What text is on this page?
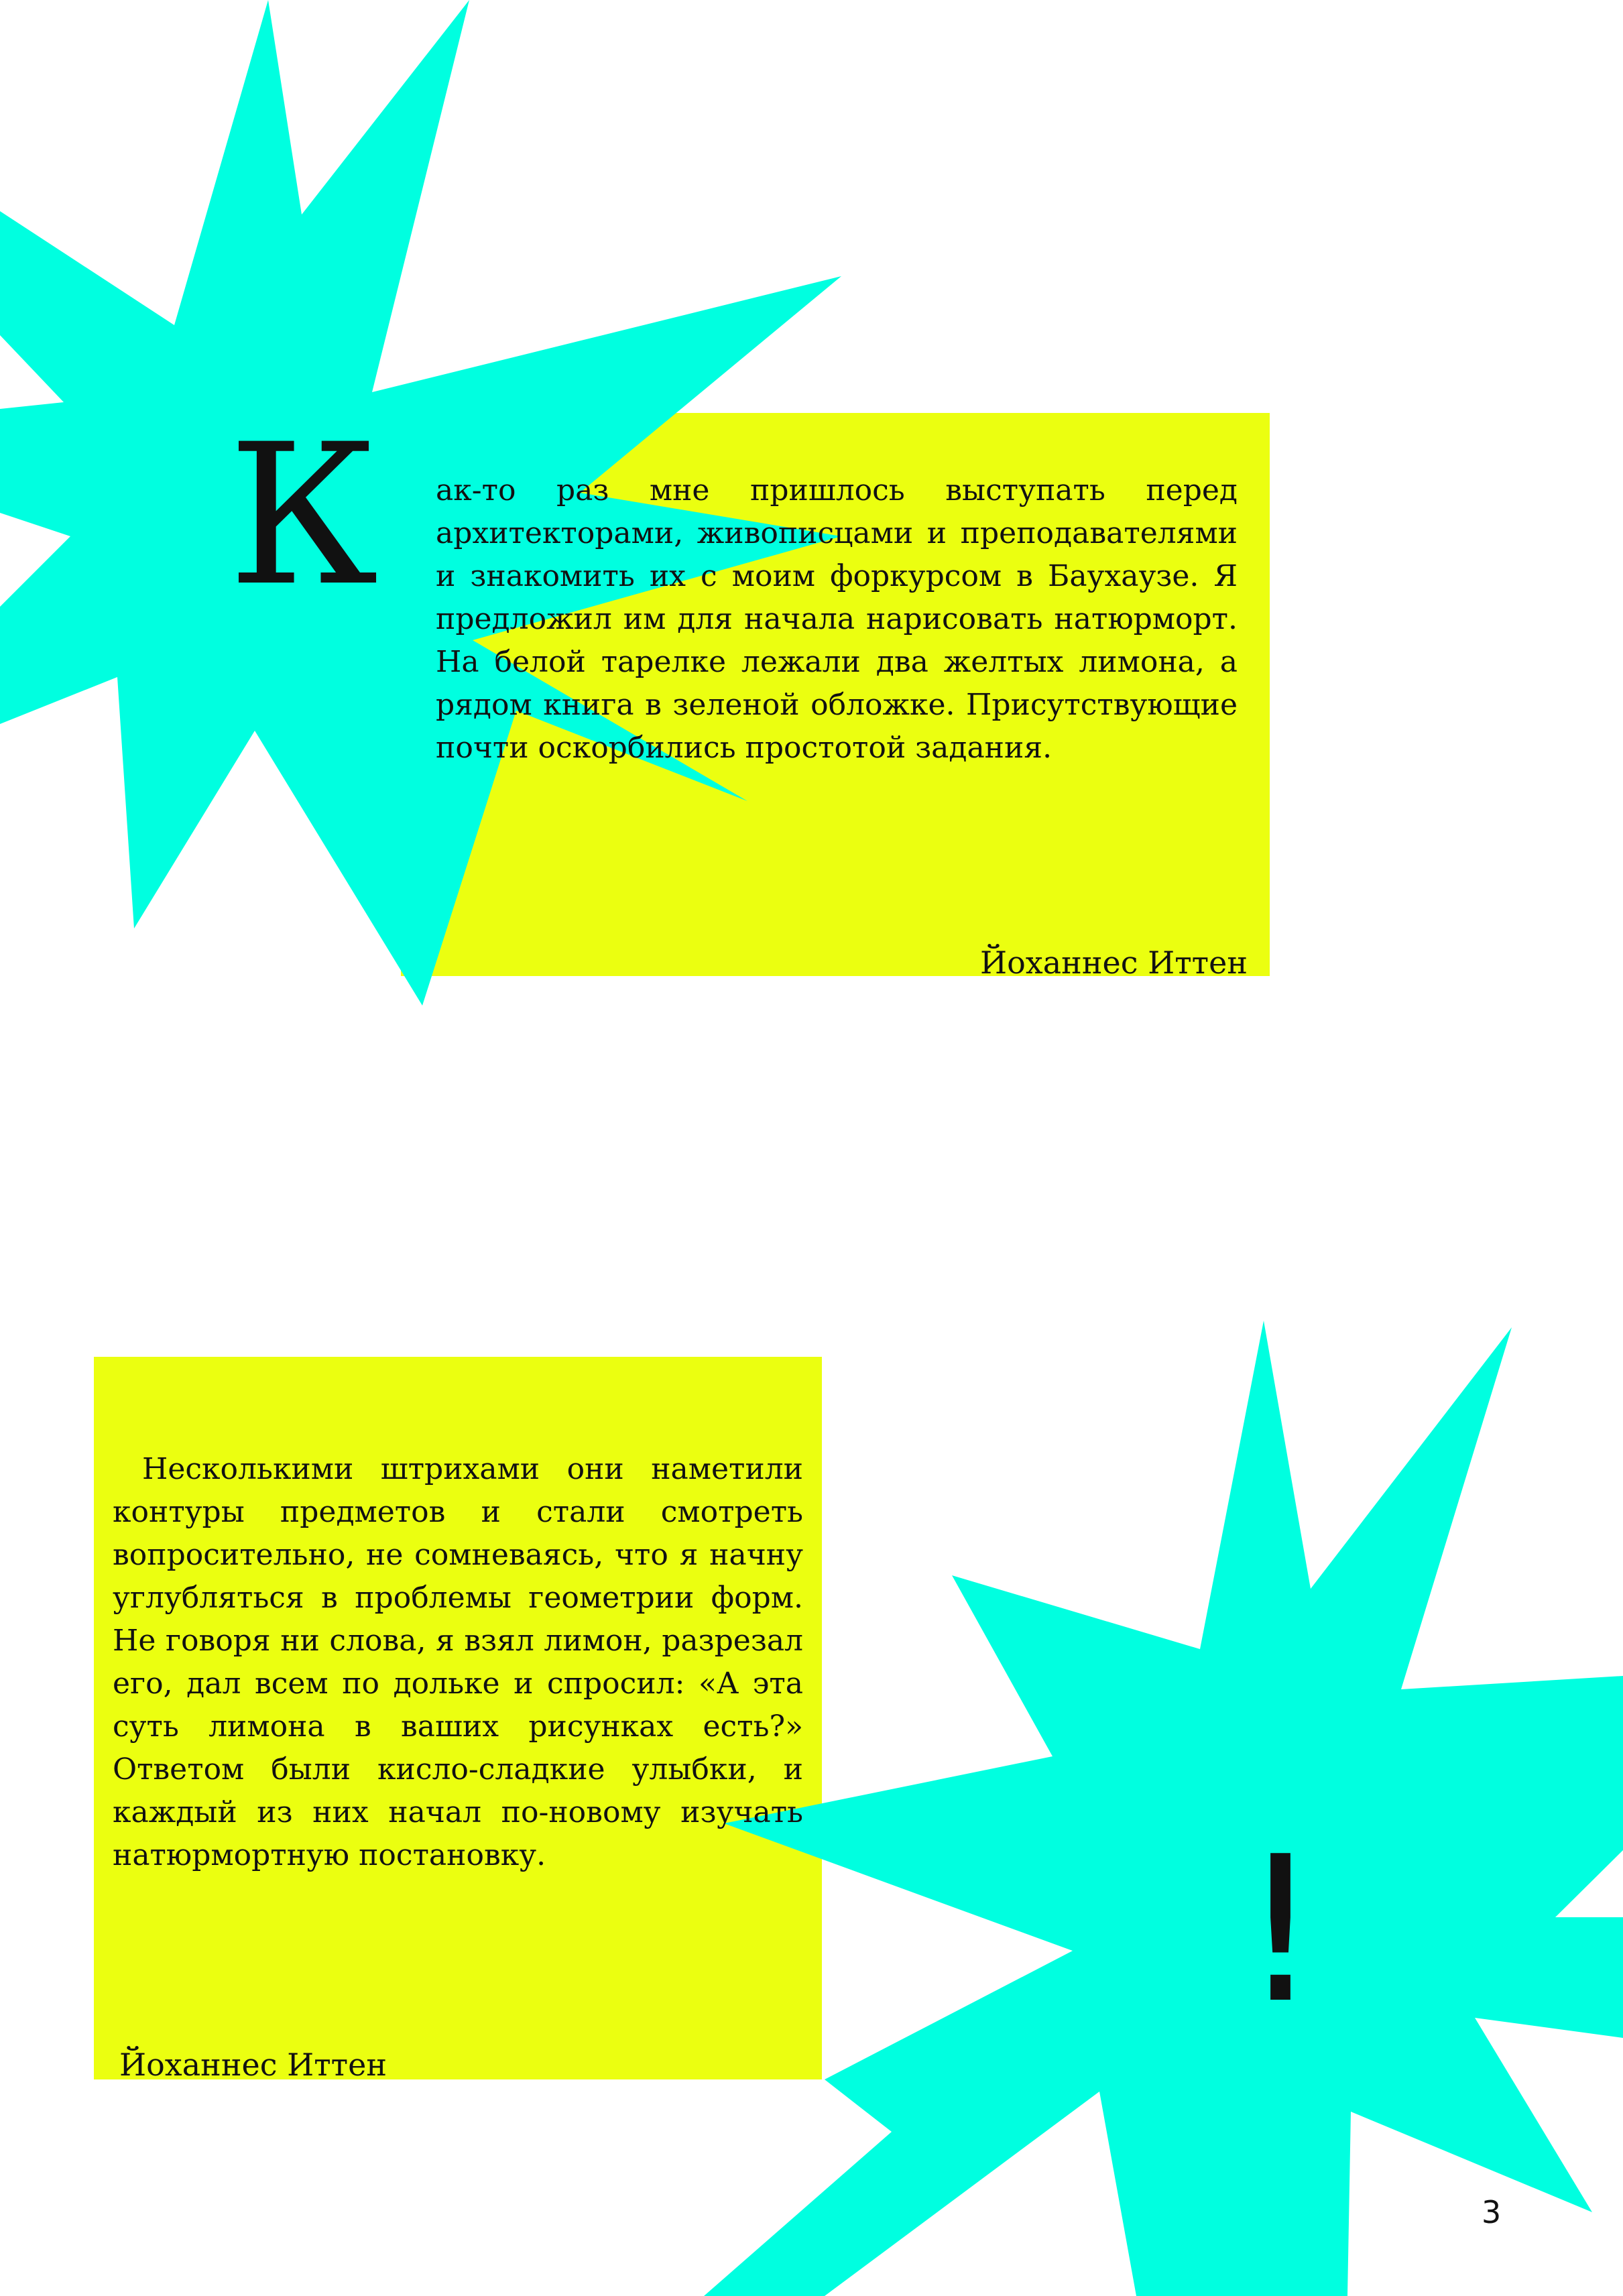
К ак-то раз мне пришлось выступать перед архитекторами, живописцами и преподавателями и знакомить их с моим форкурсом в Баухаузе. Я предложил им для начала нарисовать натюрморт. На белой тарелке лежали два желтых лимона, а рядом книга в зеленой обложке. Присутствующие почти оскорбились простотой задания.

Йоханнес Иттен

Несколькими штрихами они наметили контуры предметов и стали смотреть вопросительно, не сомневаясь, что я начну углубляться в проблемы геометрии форм. Не говоря ни слова, я взял лимон, разрезал его, дал всем по дольке и спросил: «А эта суть лимона в ваших рисунках есть?» Ответом были кисло-сладкие улыбки, и каждый из них начал по-новому изучать натюрмортную постановку.

Йоханнес Иттен
!
3
